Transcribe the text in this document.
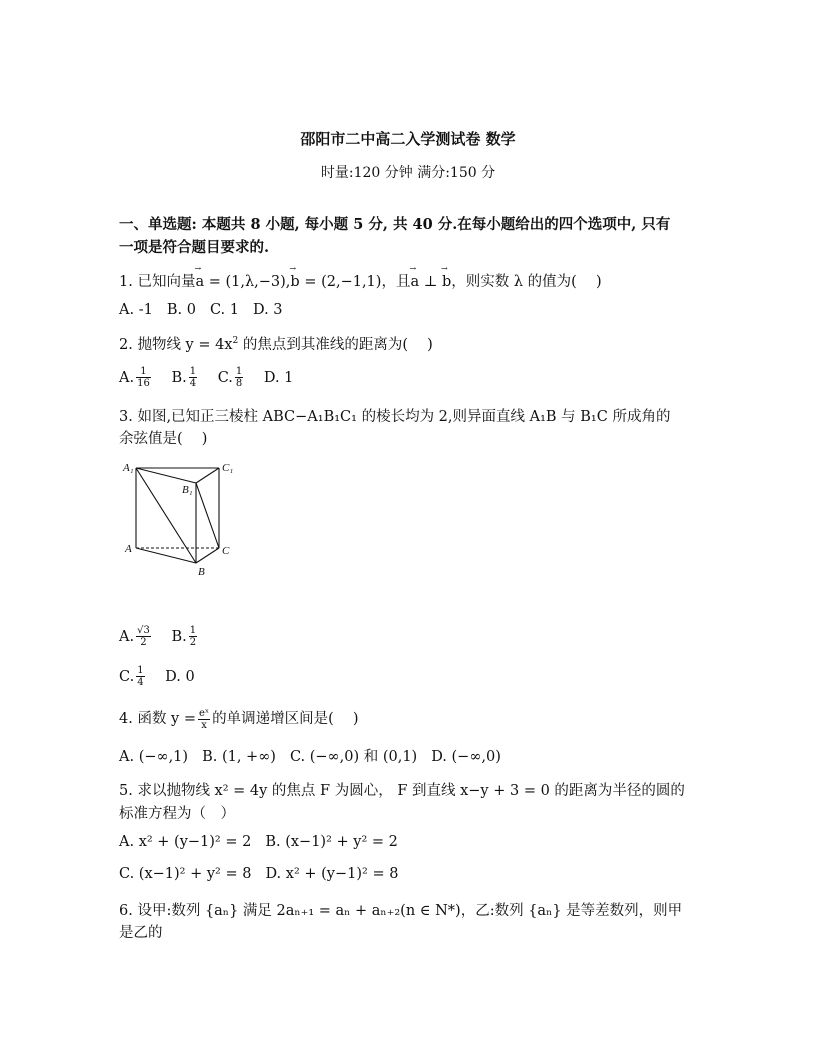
邵阳市二中高二入学测试卷 数学
时量:120 分钟 满分:150 分
一、单选题: 本题共 8 小题, 每小题 5 分, 共 40 分.在每小题给出的四个选项中, 只有
一项是符合题目要求的.
1. 已知向量→ a = (1,λ,−3),→ b = (2,−1,1)，且→ a ⊥ → b，则实数 λ 的值为(　 )
A. -1 B. 0 C. 1 D. 3
2. 抛物线 $y = 4x^2$ 的焦点到其准线的距离为(　 )
A. $\frac{1}{16} B$. $\frac{1}{4} C$. $\frac{1}{8} D$. 1
3. 如图,已知正三棱柱 ABC−A₁B₁C₁ 的棱长均为 2,则异面直线 A₁B 与 B₁C 所成角的
余弦值是(　 )
A₁	C₁
B₁
A	C
B
A. $\frac{√3}{2} B$. $\frac{1}{2}$
C. $\frac{1}{4} D$. 0
4. 函数 $y = \frac{\text{eˣ}}{x}$ 的单调递增区间是(　 )
A. (−∞,1) B. (1, +∞) C. (−∞,0) 和 (0,1) D. (−∞,0)
5. 求以抛物线 x² = 4y 的焦点 F 为圆心， F 到直线 x−y + 3 = 0 的距离为半径的圆的
标准方程为（　）
A. x² + (y−1)² = 2 B. (x−1)² + y² = 2
C. (x−1)² + y² = 8 D. x² + (y−1)² = 8
6. 设甲:数列 {aₙ} 满足 2aₙ₊₁ = aₙ + aₙ₊₂(n ∈ N*)，乙:数列 {aₙ} 是等差数列，则甲
是乙的
